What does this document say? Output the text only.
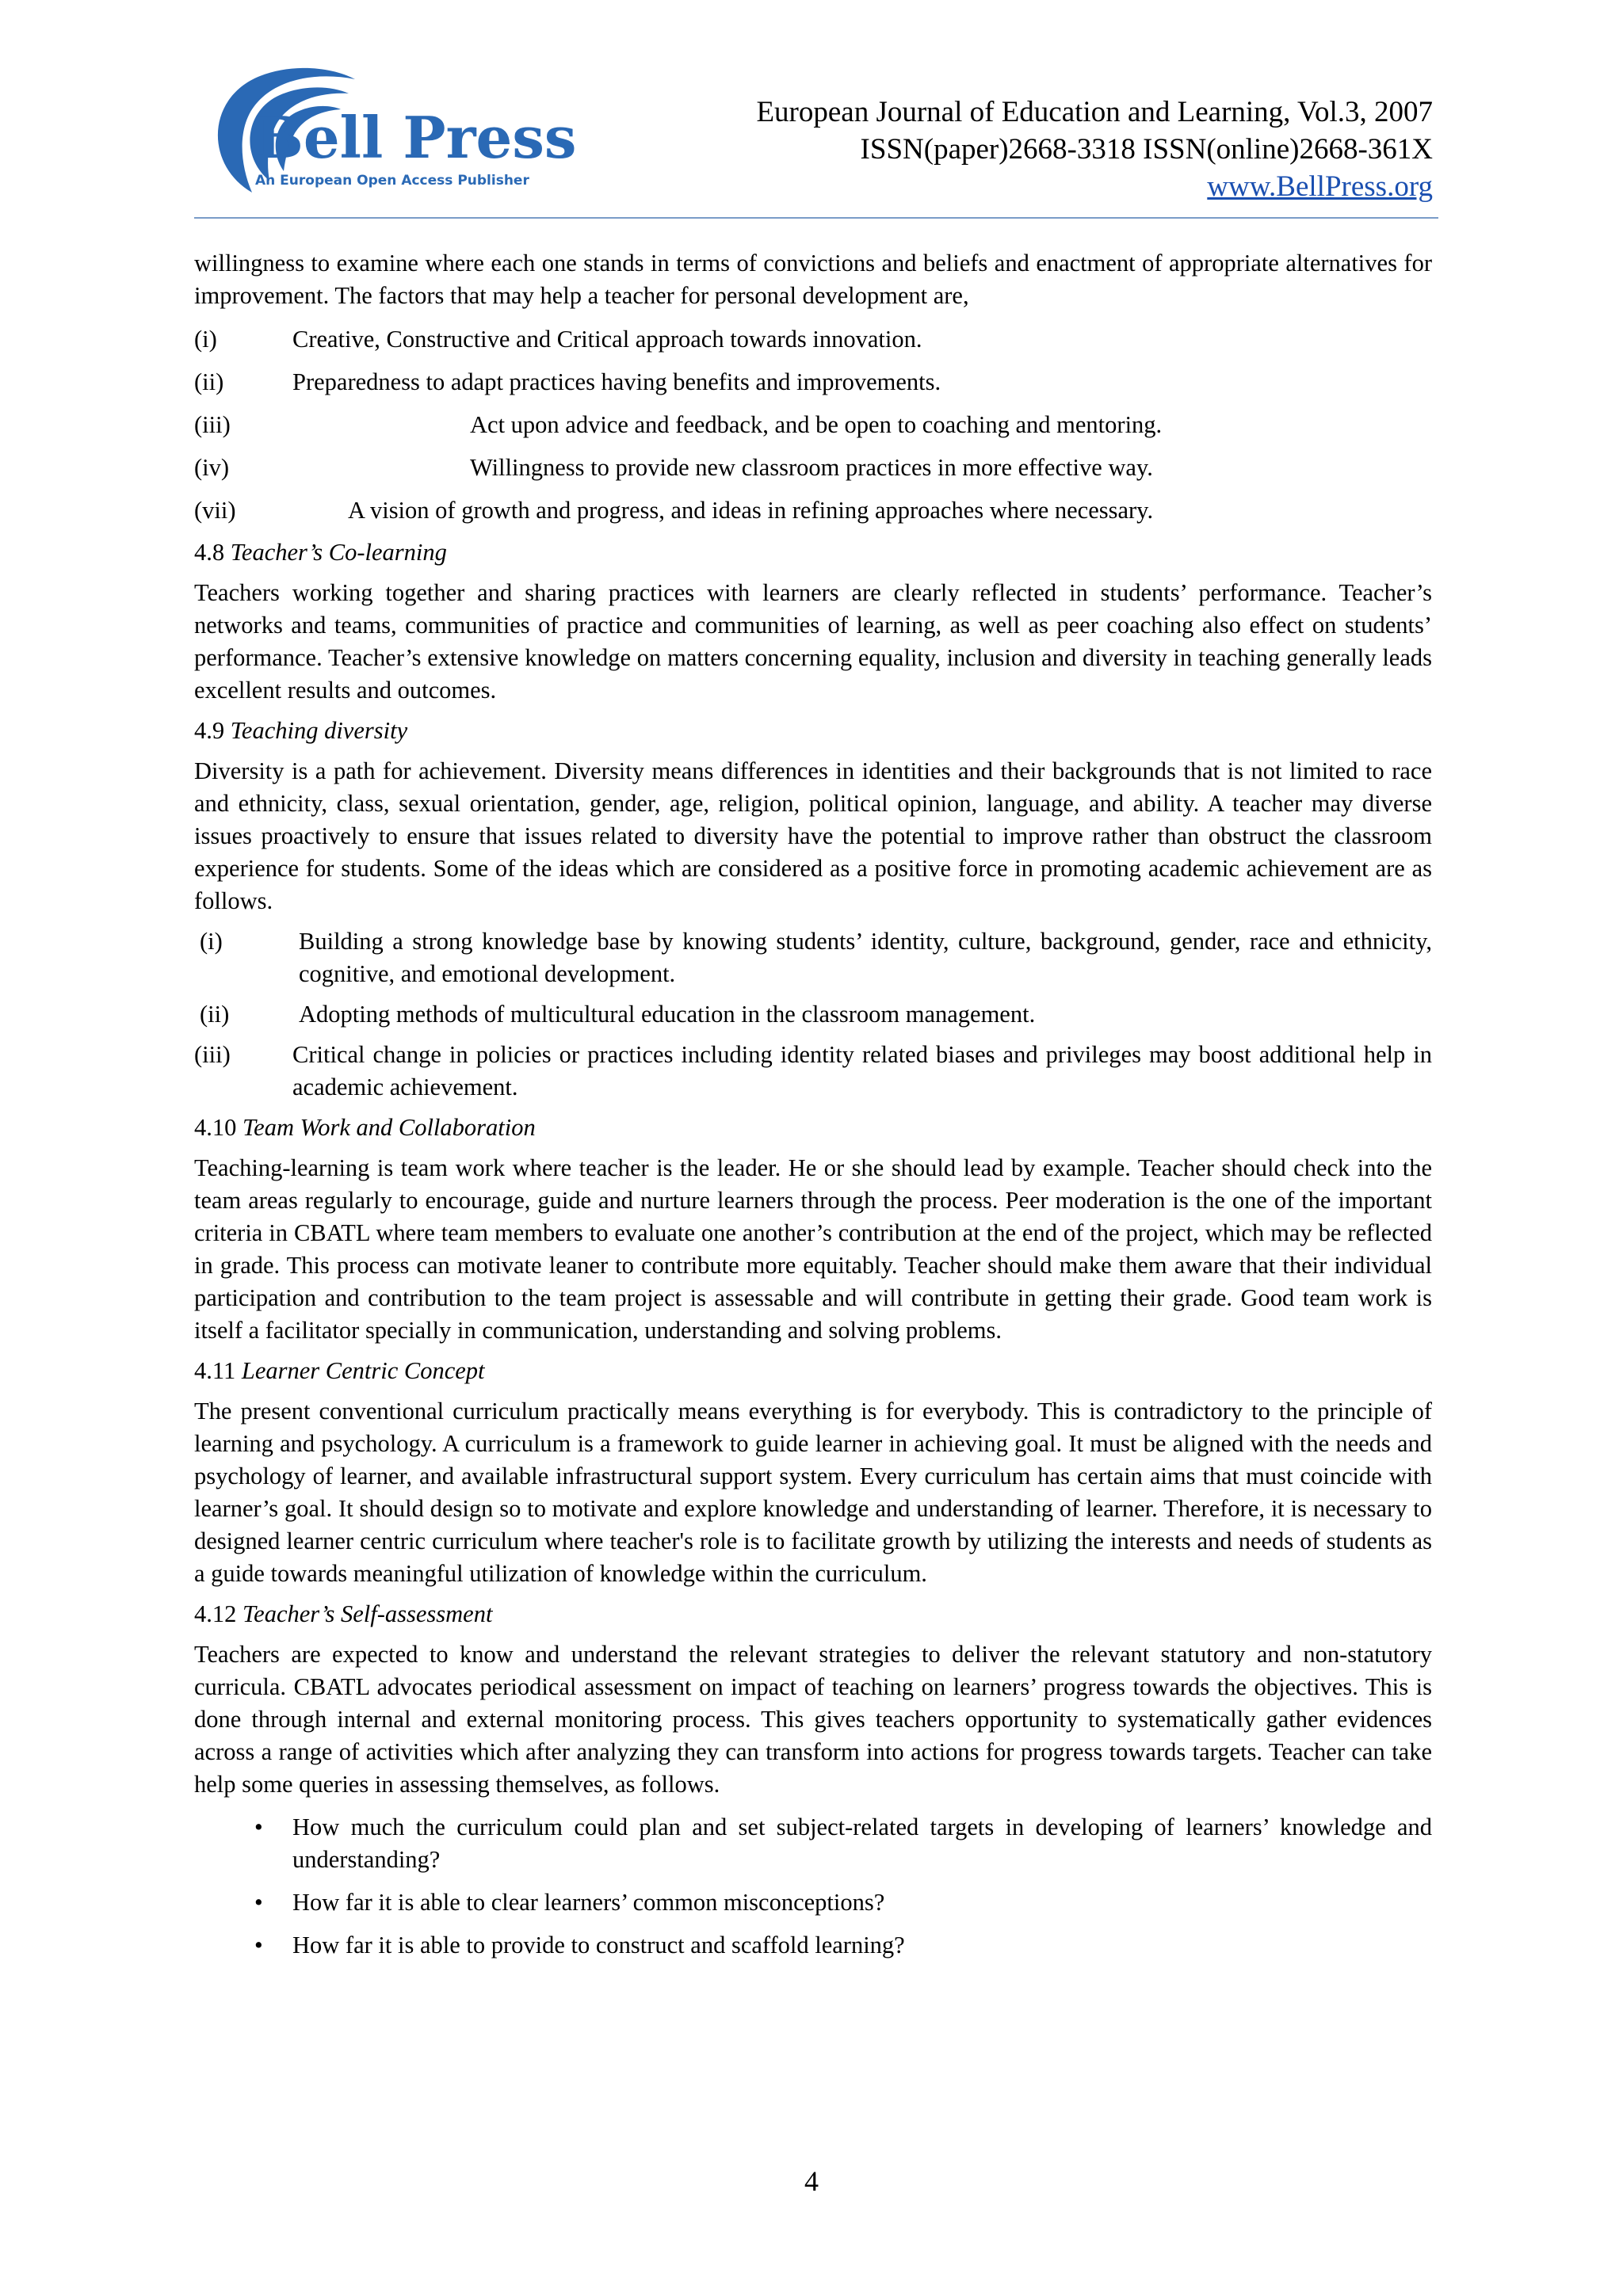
Bell Press
An European Open Access Publisher
European Journal of Education and Learning, Vol.3, 2007
ISSN(paper)2668-3318 ISSN(online)2668-361X
www.BellPress.org

willingness to examine where each one stands in terms of convictions and beliefs and enactment of appropriate alternatives for improvement. The factors that may help a teacher for personal development are,

(i)	Creative, Constructive and Critical approach towards innovation.
(ii)	Preparedness to adapt practices having benefits and improvements.
(iii)	Act upon advice and feedback, and be open to coaching and mentoring.
(iv)	Willingness to provide new classroom practices in more effective way.
(vii)	A vision of growth and progress, and ideas in refining approaches where necessary.
4.8 Teacher’s Co-learning

Teachers working together and sharing practices with learners are clearly reflected in students’ performance. Teacher’s networks and teams, communities of practice and communities of learning, as well as peer coaching also effect on students’ performance. Teacher’s extensive knowledge on matters concerning equality, inclusion and diversity in teaching generally leads excellent results and outcomes.

4.9 Teaching diversity

Diversity is a path for achievement. Diversity means differences in identities and their backgrounds that is not limited to race and ethnicity, class, sexual orientation, gender, age, religion, political opinion, language, and ability. A teacher may diverse issues proactively to ensure that issues related to diversity have the potential to improve rather than obstruct the classroom experience for students. Some of the ideas which are considered as a positive force in promoting academic achievement are as follows.

(i)	Building a strong knowledge base by knowing students’ identity, culture, background, gender, race and ethnicity, cognitive, and emotional development.
(ii)	Adopting methods of multicultural education in the classroom management.
(iii)	Critical change in policies or practices including identity related biases and privileges may boost additional help in academic achievement.
4.10 Team Work and Collaboration

Teaching-learning is team work where teacher is the leader. He or she should lead by example. Teacher should check into the team areas regularly to encourage, guide and nurture learners through the process. Peer moderation is the one of the important criteria in CBATL where team members to evaluate one another’s contribution at the end of the project, which may be reflected in grade. This process can motivate leaner to contribute more equitably. Teacher should make them aware that their individual participation and contribution to the team project is assessable and will contribute in getting their grade. Good team work is itself a facilitator specially in communication, understanding and solving problems.

4.11 Learner Centric Concept

The present conventional curriculum practically means everything is for everybody. This is contradictory to the principle of learning and psychology. A curriculum is a framework to guide learner in achieving goal. It must be aligned with the needs and psychology of learner, and available infrastructural support system. Every curriculum has certain aims that must coincide with learner’s goal. It should design so to motivate and explore knowledge and understanding of learner. Therefore, it is necessary to designed learner centric curriculum where teacher's role is to facilitate growth by utilizing the interests and needs of students as a guide towards meaningful utilization of knowledge within the curriculum.

4.12 Teacher’s Self-assessment

Teachers are expected to know and understand the relevant strategies to deliver the relevant statutory and non-statutory curricula. CBATL advocates periodical assessment on impact of teaching on learners’ progress towards the objectives. This is done through internal and external monitoring process. This gives teachers opportunity to systematically gather evidences across a range of activities which after analyzing they can transform into actions for progress towards targets. Teacher can take help some queries in assessing themselves, as follows.

• How much the curriculum could plan and set subject-related targets in developing of learners’ knowledge and understanding?
• How far it is able to clear learners’ common misconceptions?
• How far it is able to provide to construct and scaffold learning?
4
